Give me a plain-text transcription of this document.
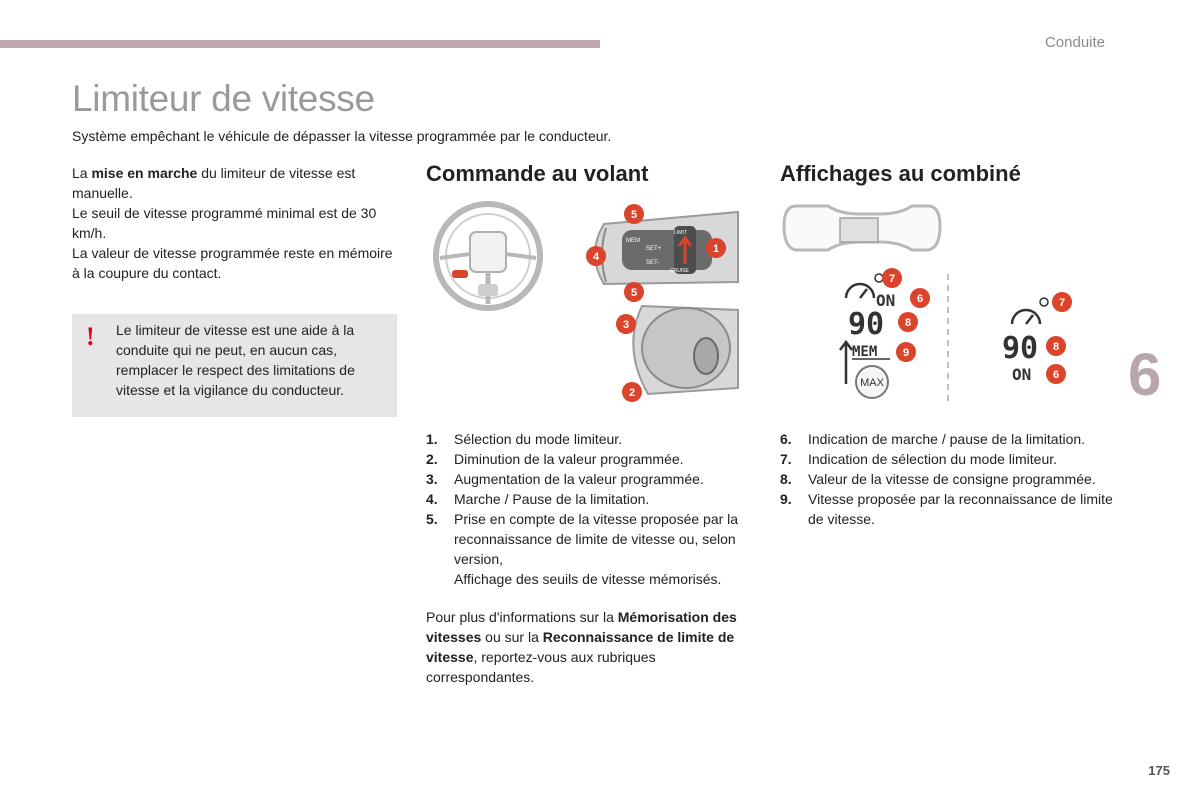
Conduite
Limiteur de vitesse
Système empêchant le véhicule de dépasser la vitesse programmée par le conducteur.

La mise en marche du limiteur de vitesse est manuelle.

Le seuil de vitesse programmé minimal est de 30 km/h.

La valeur de vitesse programmée reste en mémoire à la coupure du contact.

! Le limiteur de vitesse est une aide à la conduite qui ne peut, en aucun cas, remplacer le respect des limitations de vitesse et la vigilance du conducteur.
Commande au volant	Affichages au combiné
MEM
SET+
SET-
LIMIT
CRUISE
5
4
1
5
3
2
ON
90
MEM
MAX
90
ON
7
6
8
9
7
8
6
1. Sélection du mode limiteur.
2. Diminution de la valeur programmée.
3. Augmentation de la valeur programmée.
4. Marche / Pause de la limitation.
5. Prise en compte de la vitesse proposée par la reconnaissance de limite de vitesse ou, selon version,
Affichage des seuils de vitesse mémorisés.
6. Indication de marche / pause de la limitation.
7. Indication de sélection du mode limiteur.
8. Valeur de la vitesse de consigne programmée.
9. Vitesse proposée par la reconnaissance de limite de vitesse.

Pour plus d'informations sur la Mémorisation des vitesses ou sur la Reconnaissance de limite de vitesse, reportez-vous aux rubriques correspondantes.

6
175
